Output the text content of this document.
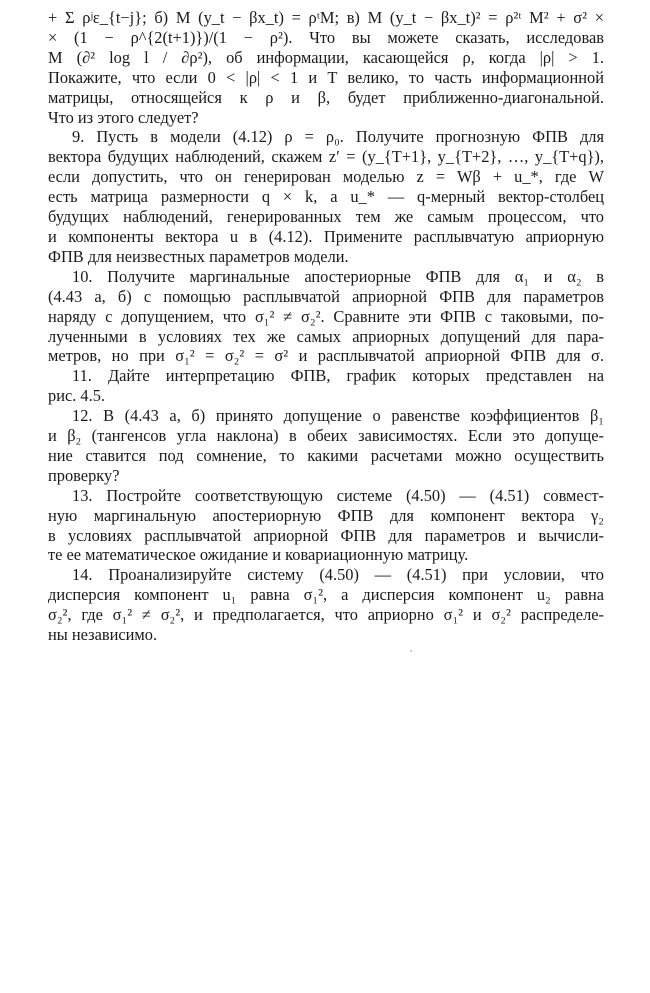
+ Σ ρʲε_{t−j}; б) M (y_t − βx_t) = ρᵗM; в) M (y_t − βx_t)² = ρ²ᵗ M² + σ² ×
× (1 − ρ^{2(t+1)})/(1 − ρ²). Что вы можете сказать, исследовав
M (∂² log l / ∂ρ²), об информации, касающейся ρ, когда |ρ| > 1.
Покажите, что если 0 < |ρ| < 1 и T велико, то часть информационной
матрицы, относящейся к ρ и β, будет приближенно-диагональной.
Что из этого следует?
9. Пусть в модели (4.12) ρ = ρ₀. Получите прогнозную ФПВ для
вектора будущих наблюдений, скажем z′ = (y_{T+1}, y_{T+2}, …, y_{T+q}),
если допустить, что он генерирован моделью z = Wβ + u_*, где W
есть матрица размерности q × k, а u_* — q-мерный вектор-столбец
будущих наблюдений, генерированных тем же самым процессом, что
и компоненты вектора u в (4.12). Примените расплывчатую априорную
ФПВ для неизвестных параметров модели.
10. Получите маргинальные апостериорные ФПВ для α₁ и α₂ в
(4.43 а, б) с помощью расплывчатой априорной ФПВ для параметров
наряду с допущением, что σ₁² ≠ σ₂². Сравните эти ФПВ с таковыми, по-
лученными в условиях тех же самых априорных допущений для пара-
метров, но при σ₁² = σ₂² = σ² и расплывчатой априорной ФПВ для σ.
11. Дайте интерпретацию ФПВ, график которых представлен на
рис. 4.5.
12. В (4.43 а, б) принято допущение о равенстве коэффициентов β₁
и β₂ (тангенсов угла наклона) в обеих зависимостях. Если это допуще-
ние ставится под сомнение, то какими расчетами можно осуществить
проверку?
13. Постройте соответствующую системе (4.50) — (4.51) совмест-
ную маргинальную апостериорную ФПВ для компонент вектора γ₂
в условиях расплывчатой априорной ФПВ для параметров и вычисли-
те ее математическое ожидание и ковариационную матрицу.
14. Проанализируйте систему (4.50) — (4.51) при условии, что
дисперсия компонент u₁ равна σ₁², а дисперсия компонент u₂ равна
σ₂², где σ₁² ≠ σ₂², и предполагается, что априорно σ₁² и σ₂² распределе-
ны независимо.
